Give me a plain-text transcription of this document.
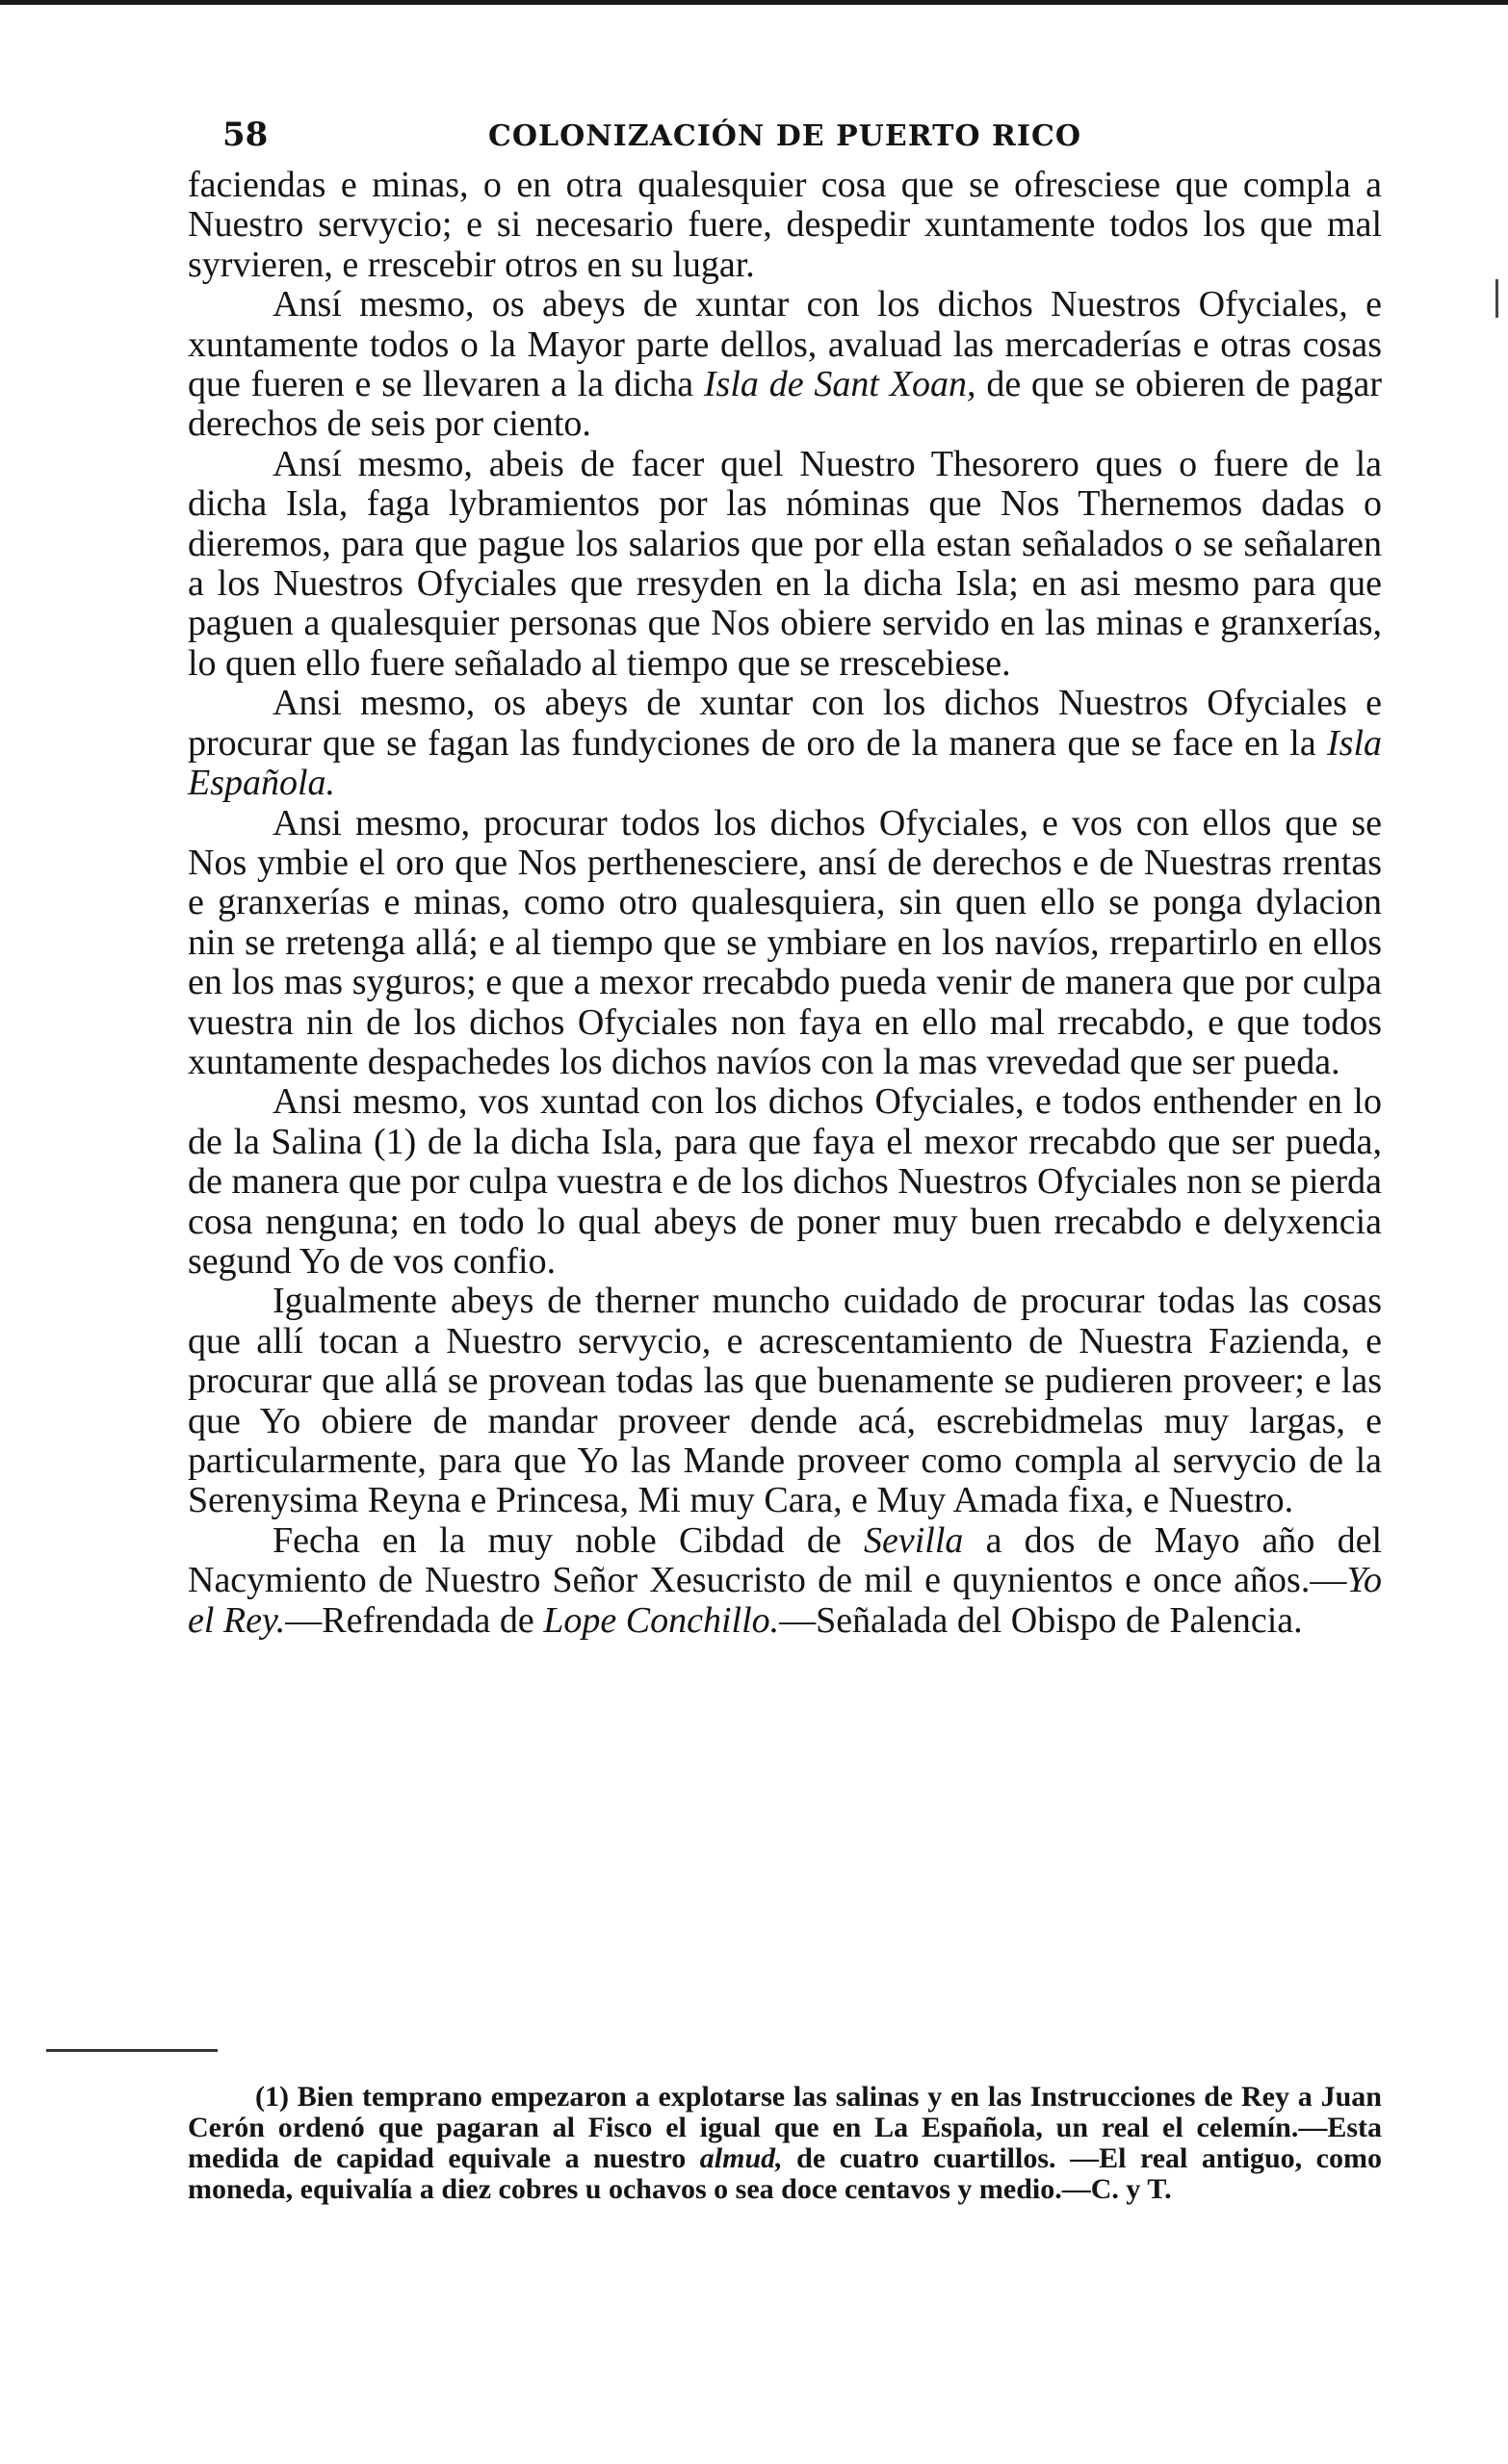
58	COLONIZACIÓN DE PUERTO RICO

faciendas e minas, o en otra qualesquier cosa que se ofresciese que compla a Nuestro servycio; e si necesario fuere, despedir xuntamente todos los que mal syrvieren, e rrescebir otros en su lugar.

Ansí mesmo, os abeys de xuntar con los dichos Nuestros Ofyciales, e xuntamente todos o la Mayor parte dellos, avaluad las mercaderías e otras cosas que fueren e se llevaren a la dicha Isla de Sant Xoan, de que se obieren de pagar derechos de seis por ciento.

Ansí mesmo, abeis de facer quel Nuestro Thesorero ques o fuere de la dicha Isla, faga lybramientos por las nóminas que Nos Thernemos dadas o dieremos, para que pague los salarios que por ella estan señalados o se señalaren a los Nuestros Ofyciales que rresyden en la dicha Isla; en asi mesmo para que paguen a qualesquier personas que Nos obiere servido en las minas e granxerías, lo quen ello fuere señalado al tiempo que se rrescebiese.

Ansi mesmo, os abeys de xuntar con los dichos Nuestros Ofyciales e procurar que se fagan las fundyciones de oro de la manera que se face en la Isla Española.

Ansi mesmo, procurar todos los dichos Ofyciales, e vos con ellos que se Nos ymbie el oro que Nos perthenesciere, ansí de derechos e de Nuestras rrentas e granxerías e minas, como otro qualesquiera, sin quen ello se ponga dylacion nin se rretenga allá; e al tiempo que se ymbiare en los navíos, rrepartirlo en ellos en los mas syguros; e que a mexor rrecabdo pueda venir de manera que por culpa vuestra nin de los dichos Ofyciales non faya en ello mal rrecabdo, e que todos xuntamente despachedes los dichos navíos con la mas vrevedad que ser pueda.

Ansi mesmo, vos xuntad con los dichos Ofyciales, e todos enthender en lo de la Salina (1) de la dicha Isla, para que faya el mexor rrecabdo que ser pueda, de manera que por culpa vuestra e de los dichos Nuestros Ofyciales non se pierda cosa nenguna; en todo lo qual abeys de poner muy buen rrecabdo e delyxencia segund Yo de vos confio.

Igualmente abeys de therner muncho cuidado de procurar todas las cosas que allí tocan a Nuestro servycio, e acrescentamiento de Nuestra Fazienda, e procurar que allá se provean todas las que buenamente se pudieren proveer; e las que Yo obiere de mandar proveer dende acá, escrebidmelas muy largas, e particularmente, para que Yo las Mande proveer como compla al servycio de la Serenysima Reyna e Princesa, Mi muy Cara, e Muy Amada fixa, e Nuestro.

Fecha en la muy noble Cibdad de Sevilla a dos de Mayo año del Nacymiento de Nuestro Señor Xesucristo de mil e quynientos e once años.—Yo el Rey.—Refrendada de Lope Conchillo.—Señalada del Obispo de Palencia.

(1) Bien temprano empezaron a explotarse las salinas y en las Instrucciones de Rey a Juan Cerón ordenó que pagaran al Fisco el igual que en La Española, un real el celemín.—Esta medida de capidad equivale a nuestro almud, de cuatro cuartillos. —El real antiguo, como moneda, equivalía a diez cobres u ochavos o sea doce centavos y medio.—C. y T.
